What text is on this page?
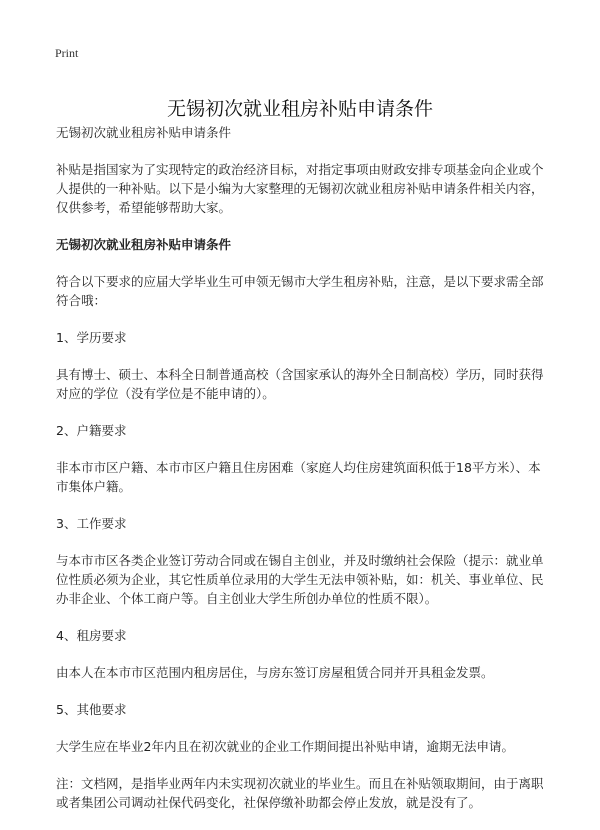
Print
无锡初次就业租房补贴申请条件

无锡初次就业租房补贴申请条件

补贴是指国家为了实现特定的政治经济目标，对指定事项由财政安排专项基金向企业或个人提供的一种补贴。以下是小编为大家整理的无锡初次就业租房补贴申请条件相关内容，仅供参考，希望能够帮助大家。

无锡初次就业租房补贴申请条件

符合以下要求的应届大学毕业生可申领无锡市大学生租房补贴，注意，是以下要求需全部符合哦：

1、学历要求

具有博士、硕士、本科全日制普通高校（含国家承认的海外全日制高校）学历，同时获得对应的学位（没有学位是不能申请的）。

2、户籍要求

非本市市区户籍、本市市区户籍且住房困难（家庭人均住房建筑面积低于18平方米）、本市集体户籍。

3、工作要求

与本市市区各类企业签订劳动合同或在锡自主创业，并及时缴纳社会保险（提示：就业单位性质必须为企业，其它性质单位录用的大学生无法申领补贴，如：机关、事业单位、民办非企业、个体工商户等。自主创业大学生所创办单位的性质不限）。

4、租房要求

由本人在本市市区范围内租房居住，与房东签订房屋租赁合同并开具租金发票。

5、其他要求

大学生应在毕业2年内且在初次就业的企业工作期间提出补贴申请，逾期无法申请。

注：文档网，是指毕业两年内未实现初次就业的毕业生。而且在补贴领取期间，由于离职或者集团公司调动社保代码变化，社保停缴补助都会停止发放，就是没有了。
